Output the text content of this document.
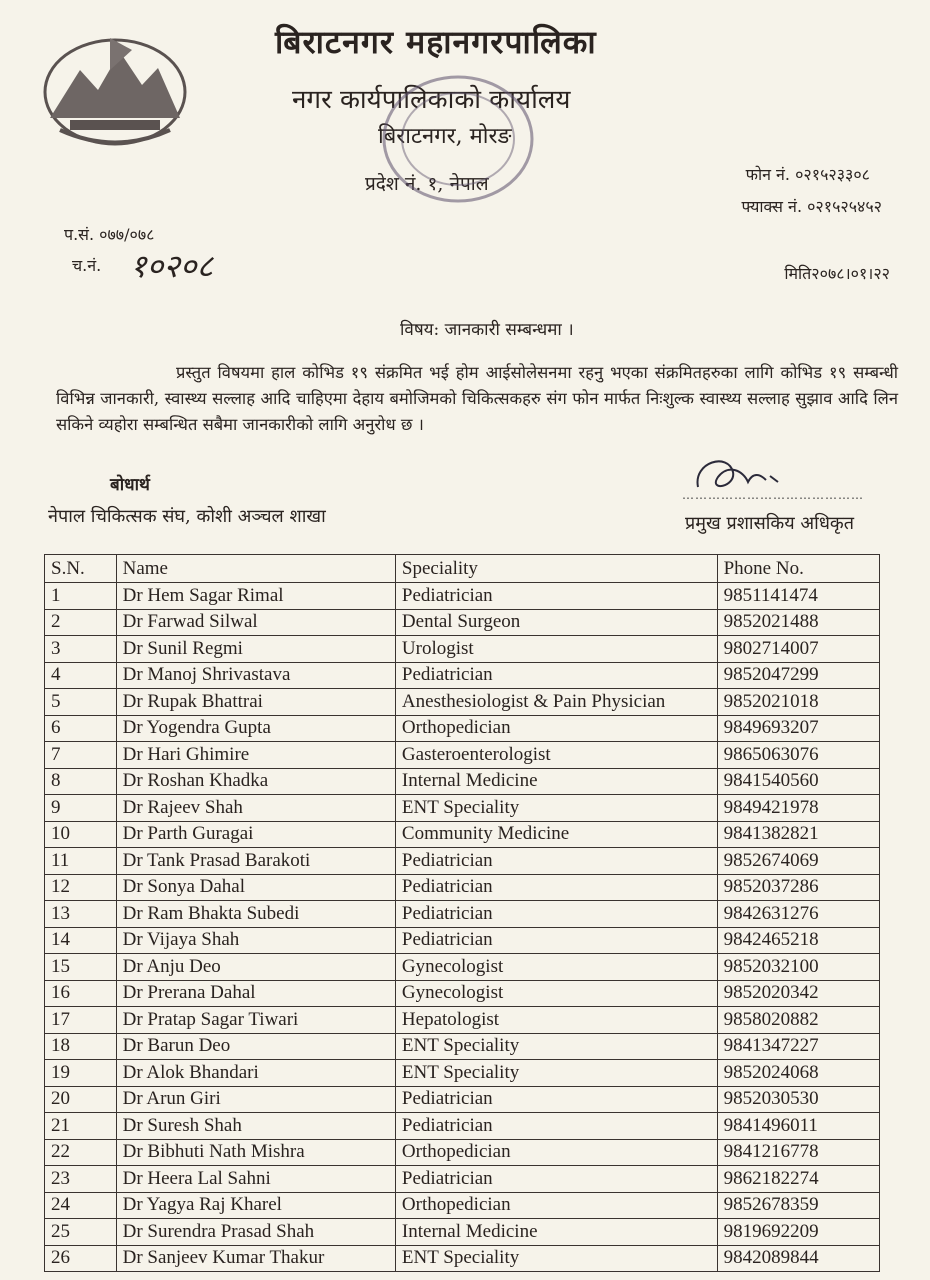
बिराटनगर महानगरपालिका
नगर कार्यपालिकाको कार्यालय
बिराटनगर, मोरङ
प्रदेश नं. १, नेपाल	फोन नं. ०२१५२३३०८
फ्याक्स नं. ०२१५२५४५२
प.सं. ०७७/०७८
च.नं. १०२०८	मिति२०७८।०१।२२
विषय: जानकारी सम्बन्धमा ।
प्रस्तुत विषयमा हाल कोभिड १९ संक्रमित भई होम आईसोलेसनमा रहनु भएका संक्रमितहरुका लागि कोभिड १९ सम्बन्धी विभिन्न जानकारी, स्वास्थ्य सल्लाह आदि चाहिएमा देहाय बमोजिमको चिकित्सकहरु संग फोन मार्फत निःशुल्क स्वास्थ्य सल्लाह सुझाव आदि लिन सकिने व्यहोरा सम्बन्धित सबैमा जानकारीको लागि अनुरोध छ ।
बोधार्थ
नेपाल चिकित्सक संघ, कोशी अञ्चल शाखा
……………………………………
प्रमुख प्रशासकिय अधिकृत
S.N.	Name	Speciality	Phone No.
1	Dr Hem Sagar Rimal	Pediatrician	9851141474
2	Dr Farwad Silwal	Dental Surgeon	9852021488
3	Dr Sunil Regmi	Urologist	9802714007
4	Dr Manoj Shrivastava	Pediatrician	9852047299
5	Dr Rupak Bhattrai	Anesthesiologist & Pain Physician	9852021018
6	Dr Yogendra Gupta	Orthopedician	9849693207
7	Dr Hari Ghimire	Gasteroenterologist	9865063076
8	Dr Roshan Khadka	Internal Medicine	9841540560
9	Dr Rajeev Shah	ENT Speciality	9849421978
10	Dr Parth Guragai	Community Medicine	9841382821
11	Dr Tank Prasad Barakoti	Pediatrician	9852674069
12	Dr Sonya Dahal	Pediatrician	9852037286
13	Dr Ram Bhakta Subedi	Pediatrician	9842631276
14	Dr Vijaya Shah	Pediatrician	9842465218
15	Dr Anju Deo	Gynecologist	9852032100
16	Dr Prerana Dahal	Gynecologist	9852020342
17	Dr Pratap Sagar Tiwari	Hepatologist	9858020882
18	Dr Barun Deo	ENT Speciality	9841347227
19	Dr Alok Bhandari	ENT Speciality	9852024068
20	Dr Arun Giri	Pediatrician	9852030530
21	Dr Suresh Shah	Pediatrician	9841496011
22	Dr Bibhuti Nath Mishra	Orthopedician	9841216778
23	Dr Heera Lal Sahni	Pediatrician	9862182274
24	Dr Yagya Raj Kharel	Orthopedician	9852678359
25	Dr Surendra Prasad Shah	Internal Medicine	9819692209
26	Dr Sanjeev Kumar Thakur	ENT Speciality	9842089844
